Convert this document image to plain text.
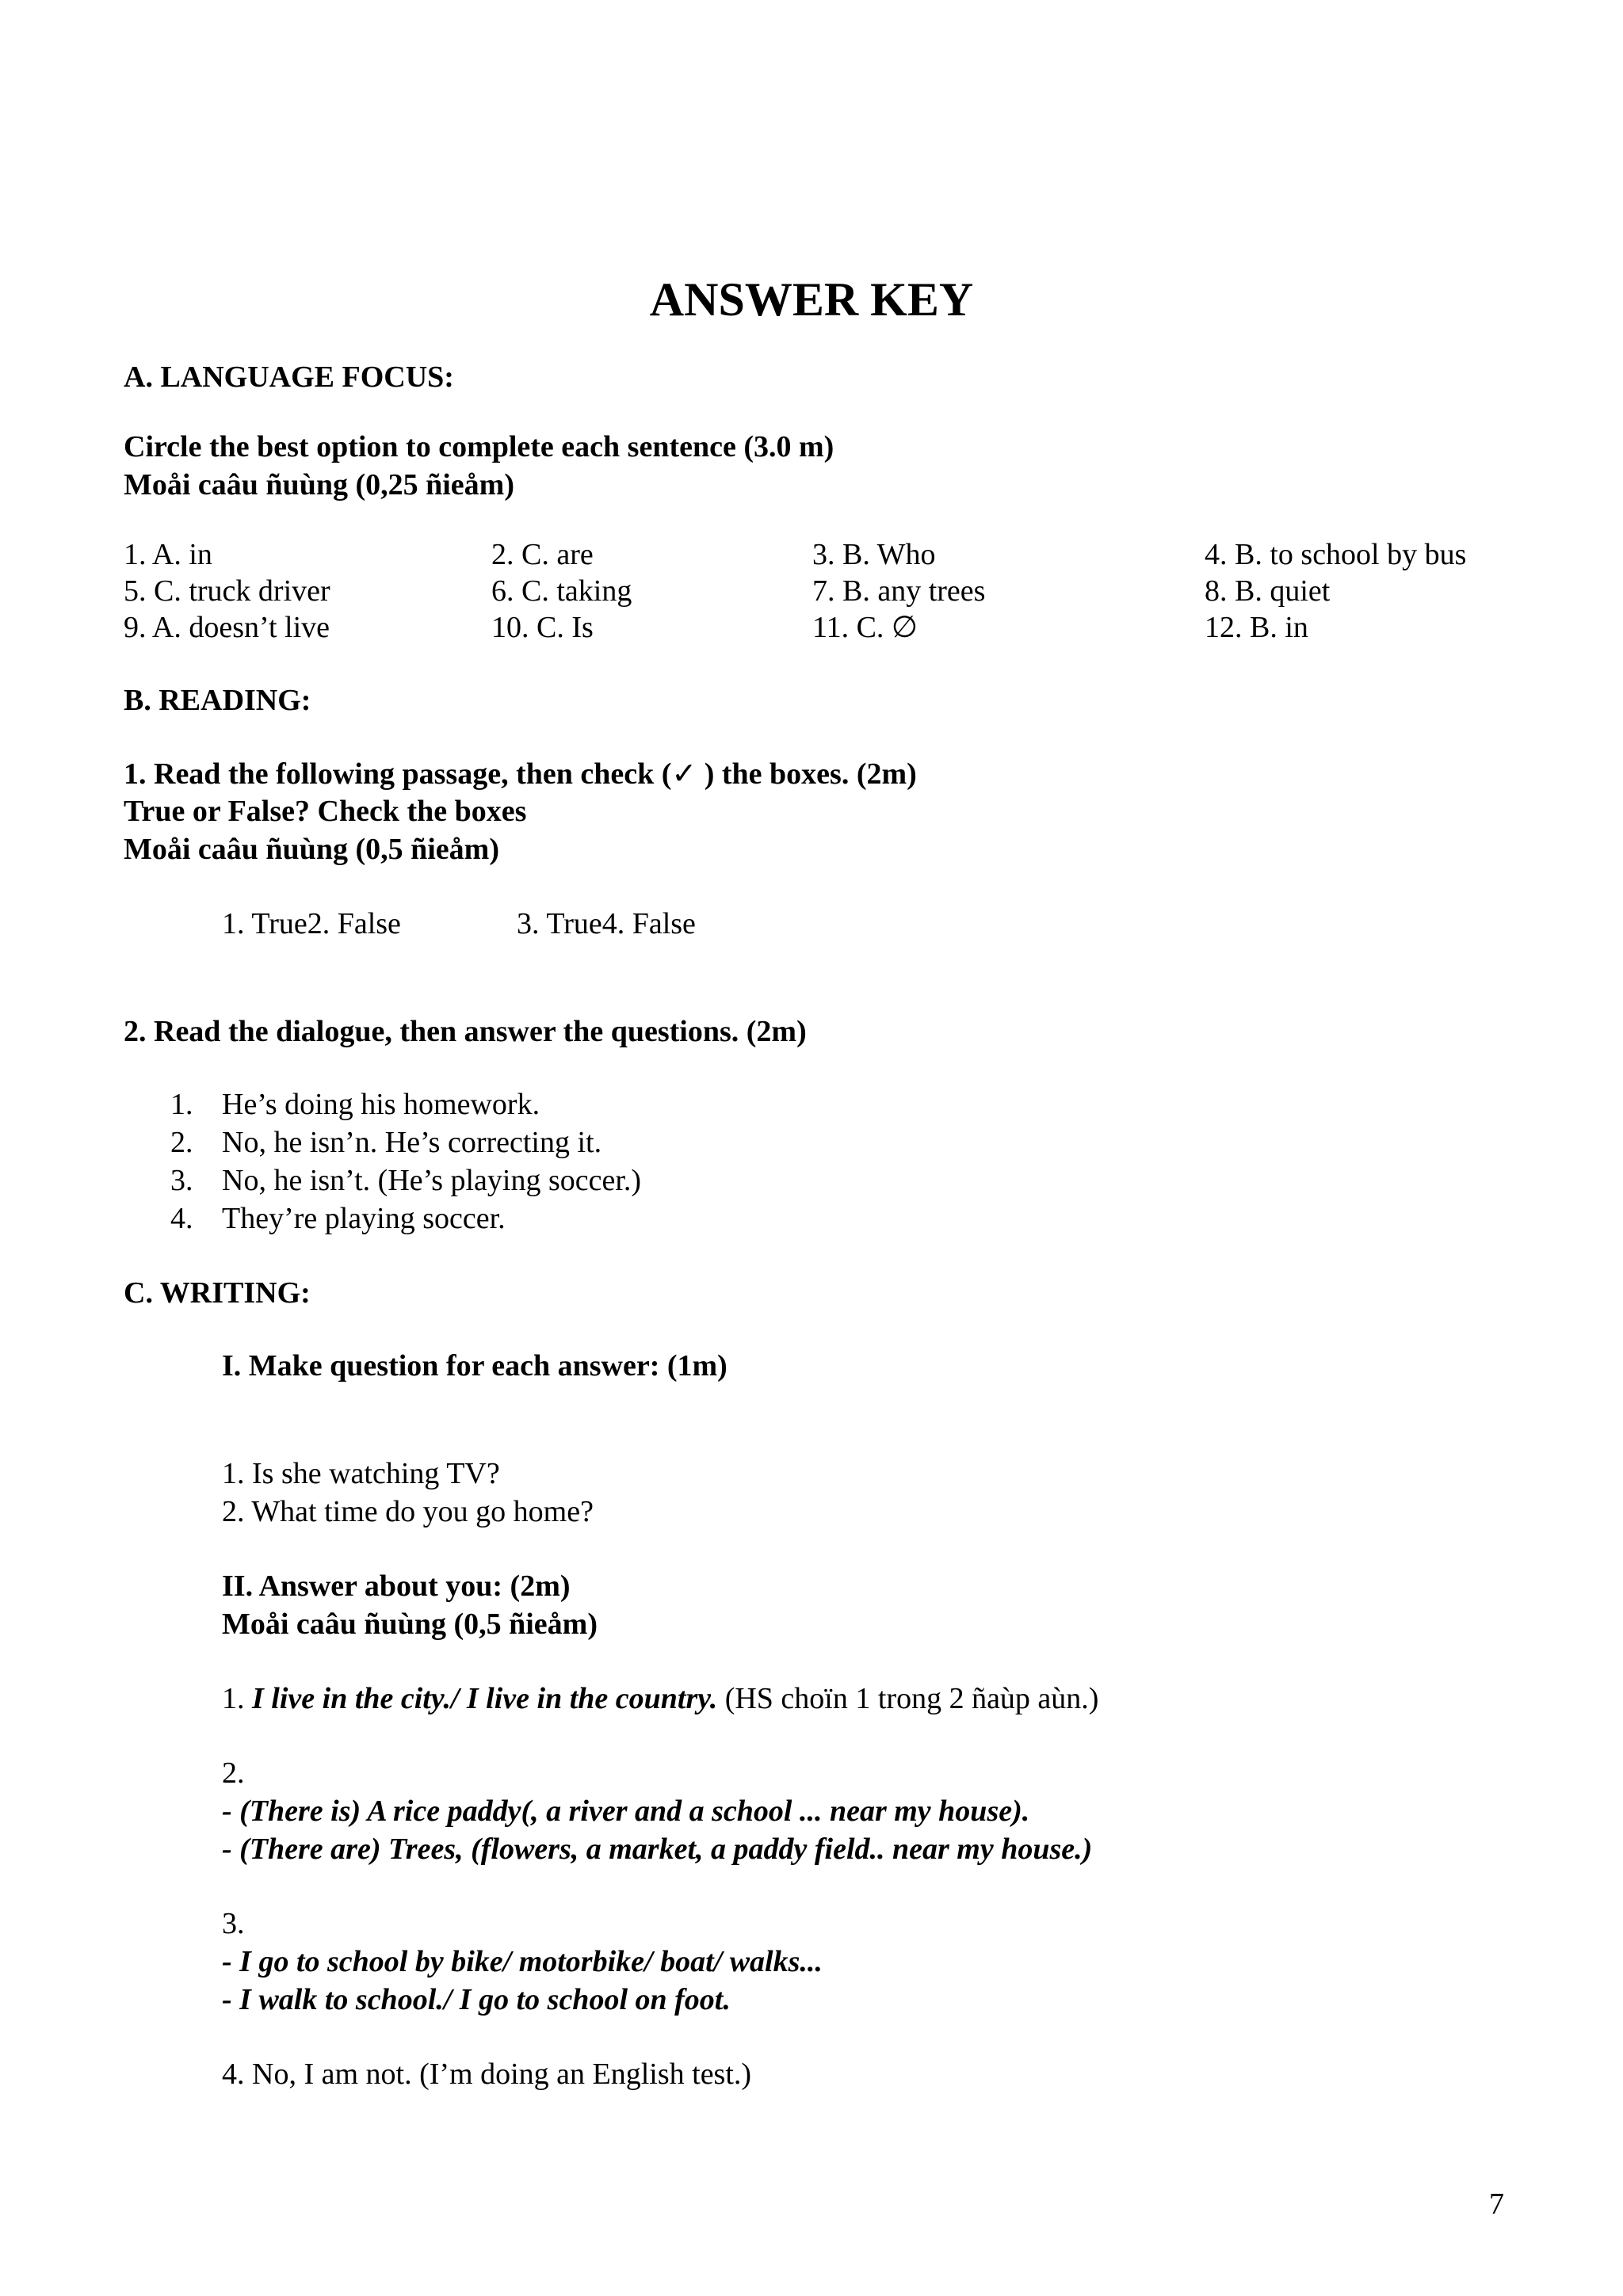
ANSWER KEY
A. LANGUAGE FOCUS:
Circle the best option to complete each sentence (3.0 m)
Moåi caâu ñuùng (0,25 ñieåm)
1. A. in	2. C. are	3. B. Who	4. B. to school by bus
5. C. truck driver	6. C. taking	7. B. any trees	8. B. quiet
9. A. doesn’t live	10. C. Is	11. C. ∅	12. B. in
B. READING:
1. Read the following passage, then check (✓ ) the boxes. (2m)
True or False? Check the boxes
Moåi caâu ñuùng (0,5 ñieåm)
1. True2. False	3. True4. False
2. Read the dialogue, then answer the questions. (2m)
1. He’s doing his homework.
2. No, he isn’n. He’s correcting it.
3. No, he isn’t. (He’s playing soccer.)
4. They’re playing soccer.
C. WRITING:
I. Make question for each answer: (1m)
1. Is she watching TV?
2. What time do you go home?
II. Answer about you: (2m)
Moåi caâu ñuùng (0,5 ñieåm)
1. I live in the city./ I live in the country. (HS choïn 1 trong 2 ñaùp aùn.)
2.
- (There is) A rice paddy(, a river and a school ... near my house).
- (There are) Trees, (flowers, a market, a paddy field.. near my house.)
3.
- I go to school by bike/ motorbike/ boat/ walks...
- I walk to school./ I go to school on foot.
4. No, I am not. (I’m doing an English test.)
7
